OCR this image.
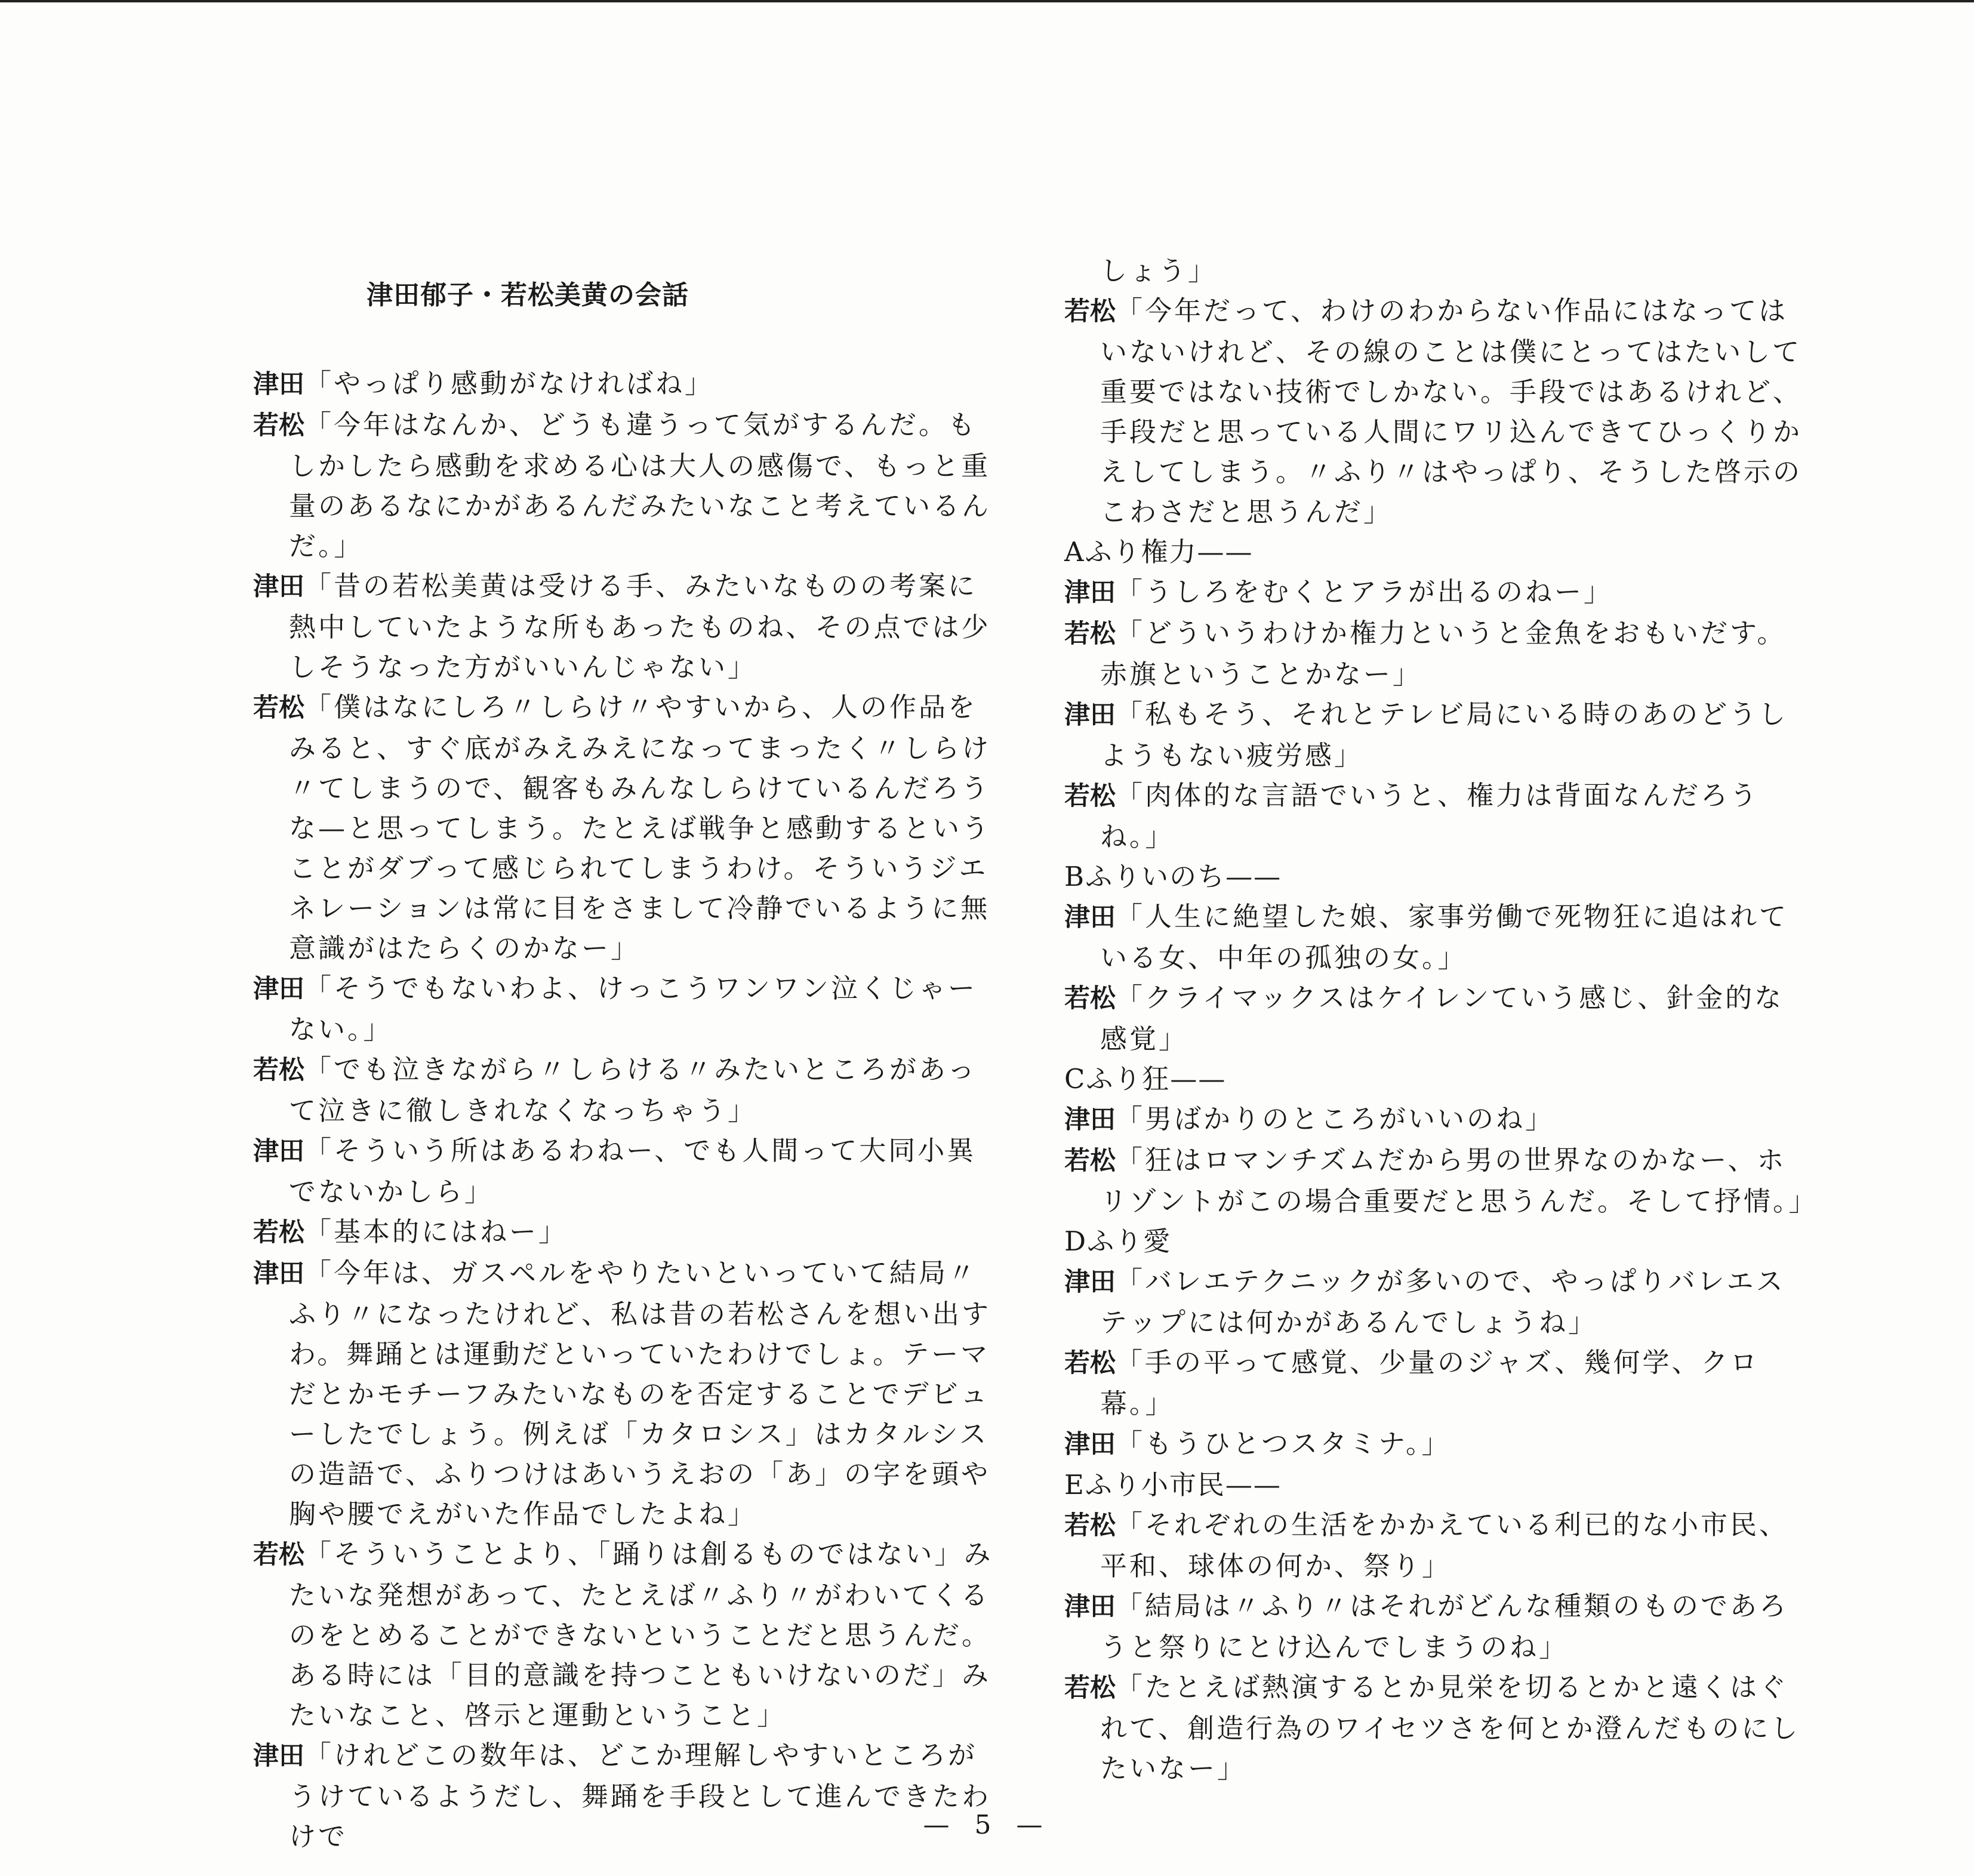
津田郁子・若松美黄の会話
津田「やっぱり感動がなければね」
若松「今年はなんか、どうも違うって気がするんだ。もしかしたら感動を求める心は大人の感傷で、もっと重量のあるなにかがあるんだみたいなこと考えているんだ。」
津田「昔の若松美黄は受ける手、みたいなものの考案に熱中していたような所もあったものね、その点では少しそうなった方がいいんじゃない」
若松「僕はなにしろ〃しらけ〃やすいから、人の作品をみると、すぐ底がみえみえになってまったく〃しらけ〃てしまうので、観客もみんなしらけているんだろうな—と思ってしまう。たとえば戦争と感動するということがダブって感じられてしまうわけ。そういうジエネレーションは常に目をさまして冷静でいるように無意識がはたらくのかなー」
津田「そうでもないわよ、けっこうワンワン泣くじゃーない。」
若松「でも泣きながら〃しらける〃みたいところがあって泣きに徹しきれなくなっちゃう」
津田「そういう所はあるわねー、でも人間って大同小異でないかしら」
若松「基本的にはねー」
津田「今年は、ガスペルをやりたいといっていて結局〃ふり〃になったけれど、私は昔の若松さんを想い出すわ。舞踊とは運動だといっていたわけでしょ。テーマだとかモチーフみたいなものを否定することでデビューしたでしょう。例えば「カタロシス」はカタルシスの造語で、ふりつけはあいうえおの「あ」の字を頭や胸や腰でえがいた作品でしたよね」
若松「そういうことより、「踊りは創るものではない」みたいな発想があって、たとえば〃ふり〃がわいてくるのをとめることができないということだと思うんだ。ある時には「目的意識を持つこともいけないのだ」みたいなこと、啓示と運動ということ」
津田「けれどこの数年は、どこか理解しやすいところがうけているようだし、舞踊を手段として進んできたわけで

しょう」

若松「今年だって、わけのわからない作品にはなってはいないけれど、その線のことは僕にとってはたいして重要ではない技術でしかない。手段ではあるけれど、手段だと思っている人間にワリ込んできてひっくりかえしてしまう。〃ふり〃はやっぱり、そうした啓示のこわさだと思うんだ」

Aふり権力——

津田「うしろをむくとアラが出るのねー」
若松「どういうわけか権力というと金魚をおもいだす。赤旗ということかなー」
津田「私もそう、それとテレビ局にいる時のあのどうしようもない疲労感」
若松「肉体的な言語でいうと、権力は背面なんだろうね。」

Bふりいのち——

津田「人生に絶望した娘、家事労働で死物狂に追はれている女、中年の孤独の女。」
若松「クライマックスはケイレンていう感じ、針金的な感覚」

Cふり狂——

津田「男ばかりのところがいいのね」
若松「狂はロマンチズムだから男の世界なのかなー、ホリゾントがこの場合重要だと思うんだ。そして抒情。」

Dふり愛

津田「バレエテクニックが多いので、やっぱりバレエステップには何かがあるんでしょうね」
若松「手の平って感覚、少量のジャズ、幾何学、クロ幕。」
津田「もうひとつスタミナ。」

Eふり小市民——

若松「それぞれの生活をかかえている利已的な小市民、平和、球体の何か、祭り」
津田「結局は〃ふり〃はそれがどんな種類のものであろうと祭りにとけ込んでしまうのね」
若松「たとえば熱演するとか見栄を切るとかと遠くはぐれて、創造行為のワイセツさを何とか澄んだものにしたいなー」
— 5 —
